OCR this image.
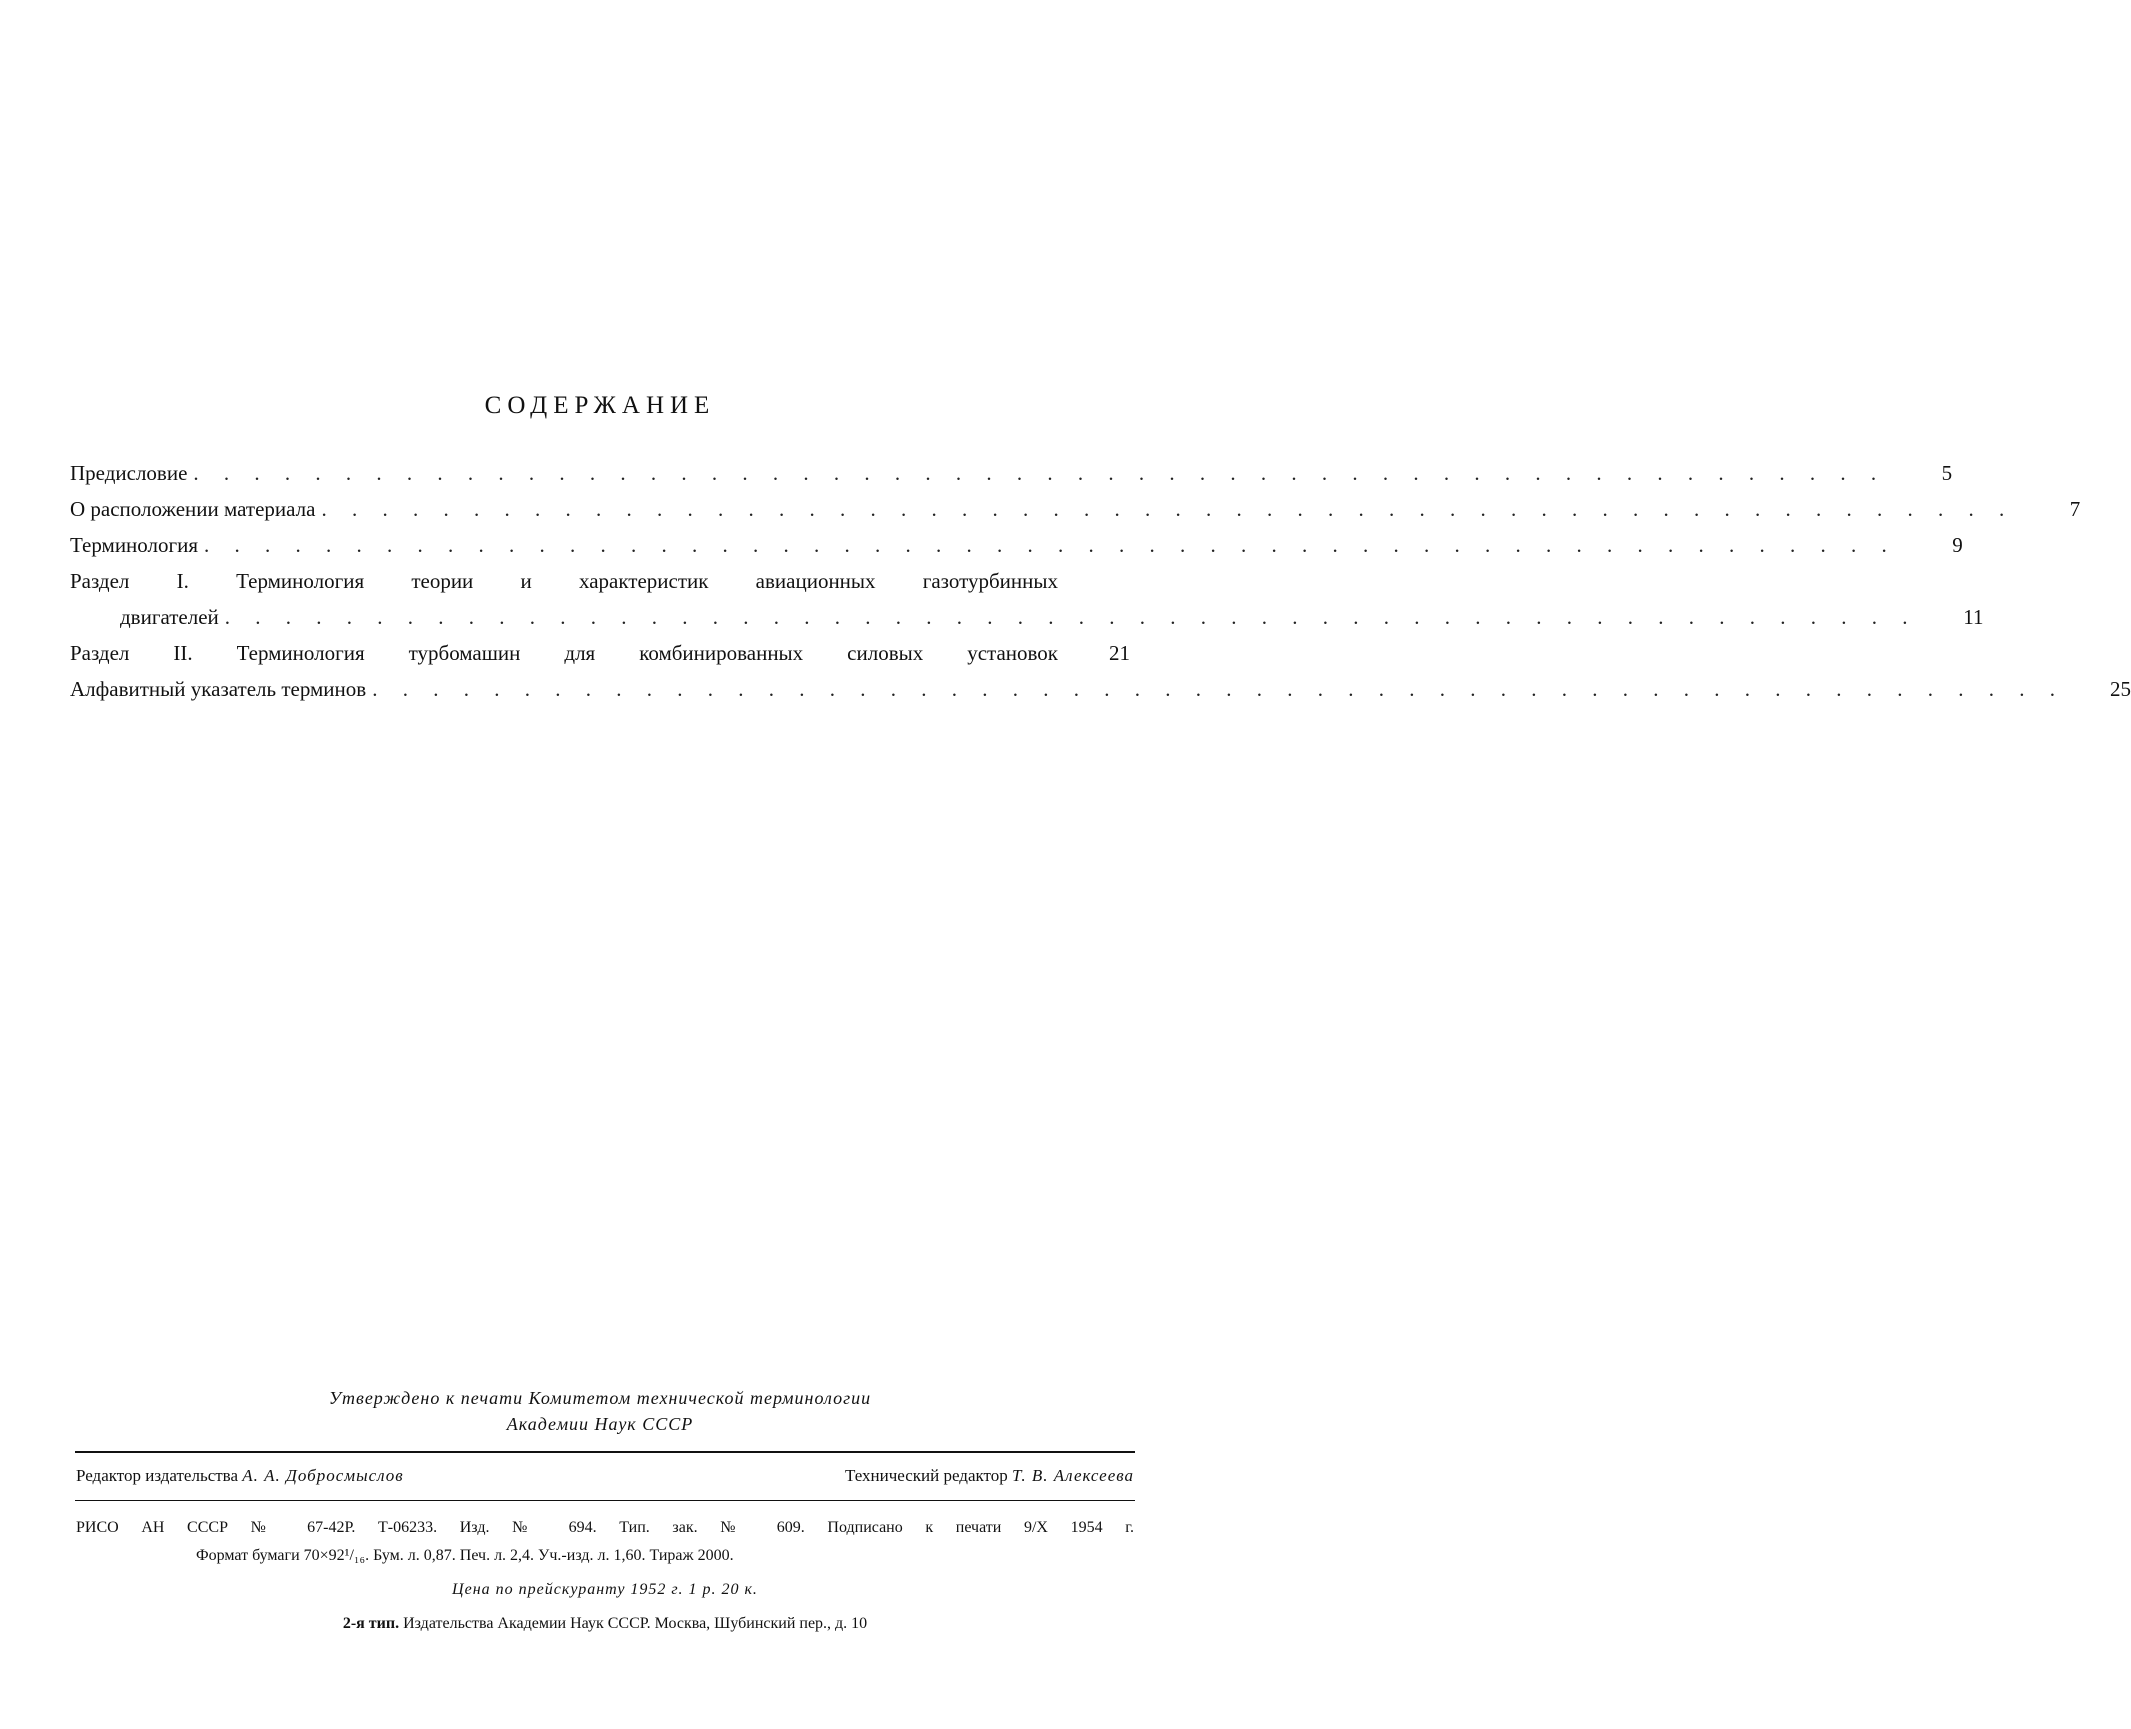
СОДЕРЖАНИЕ
Предисловие . . . . . . . . . . . . . . . . . . . . . . . . . . . . . . . . . . . . . . . . . . . . . . . . . . . . . . . .	5
О расположении материала . . . . . . . . . . . . . . . . . . . . . . . . . . . . . . . . . . . . . . . . . . . . . . . . . . . . . . . .	7
Терминология . . . . . . . . . . . . . . . . . . . . . . . . . . . . . . . . . . . . . . . . . . . . . . . . . . . . . . . .	9
Раздел I. Терминология теории и характеристик авиационных газотурбинных
двигателей . . . . . . . . . . . . . . . . . . . . . . . . . . . . . . . . . . . . . . . . . . . . . . . . . . . . . . . .	11
Раздел II. Терминология турбомашин для комбинированных силовых установок	21
Алфавитный указатель терминов . . . . . . . . . . . . . . . . . . . . . . . . . . . . . . . . . . . . . . . . . . . . . . . . . . . . . . . .	25
Утверждено к печати Комитетом технической терминологии
Академии Наук СССР
Редактор издательства А. А. Добросмыслов	Технический редактор Т. В. Алексеева
РИСО АН СССР № 67-42Р. Т-06233. Изд. № 694. Тип. зак. № 609. Подписано к печати 9/Х 1954 г.
Формат бумаги 70×92¹/₁₆. Бум. л. 0,87. Печ. л. 2,4. Уч.-изд. л. 1,60. Тираж 2000.
Цена по прейскуранту 1952 г. 1 р. 20 к.
2-я тип. Издательства Академии Наук СССР. Москва, Шубинский пер., д. 10
